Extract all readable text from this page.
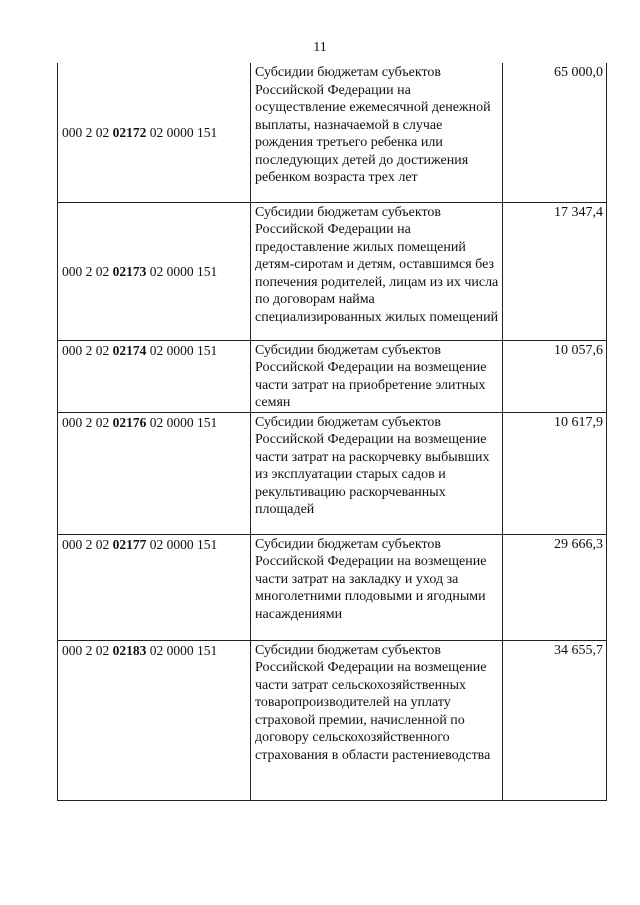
11
000 2 02 02172 02 0000 151	Субсидии бюджетам субъектов Российской Федерации на осуществление ежемесячной денежной выплаты, назначаемой в случае рождения третьего ребенка или последующих детей до достижения ребенком возраста трех лет	65 000,0
000 2 02 02173 02 0000 151	Субсидии бюджетам субъектов Российской Федерации на предоставление жилых помещений детям-сиротам и детям, оставшимся без попечения родителей, лицам из их числа по договорам найма специализированных жилых помещений	17 347,4
000 2 02 02174 02 0000 151	Субсидии бюджетам субъектов Российской Федерации на возмещение части затрат на приобретение элитных семян	10 057,6
000 2 02 02176 02 0000 151	Субсидии бюджетам субъектов Российской Федерации на возмещение части затрат на раскорчевку выбывших из эксплуатации старых садов и рекультивацию раскорчеванных площадей	10 617,9
000 2 02 02177 02 0000 151	Субсидии бюджетам субъектов Российской Федерации на возмещение части затрат на закладку и уход за многолетними плодовыми и ягодными насаждениями	29 666,3
000 2 02 02183 02 0000 151	Субсидии бюджетам субъектов Российской Федерации на возмещение части затрат сельскохозяйственных товаропроизводителей на уплату страховой премии, начисленной по договору сельскохозяйственного страхования в области растениеводства	34 655,7
